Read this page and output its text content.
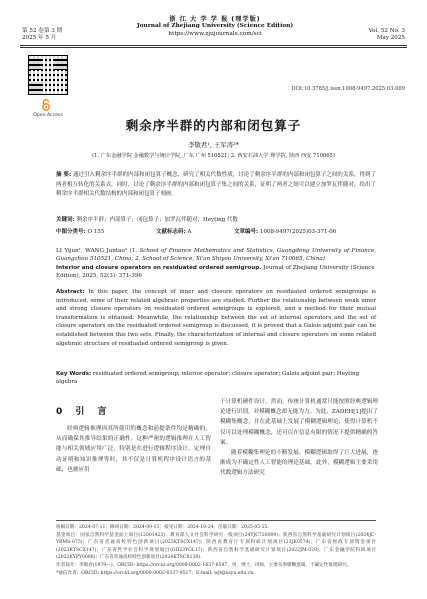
第 52 卷第 3 期
2025 年 5 月
浙 江 大 学 学 报 (理学版)
Journal of Zhejiang University (Science Edition)
https://www.zjujournals.com/sci	Vol. 52 No. 3
May 2025
Open Access
DOI:10.3785/j.issn.1008-9497.2025.03.009
剩余序半群的内部和闭包算子
李敬君¹, 王军涛²*
(1. 广东金融学院 金融数学与统计学院, 广东 广州 510521; 2. 西安石油大学 理学院, 陕西 西安 710065)
摘 要: 通过引入剩余序半群的内部和闭包算子概念，研究了相关代数性质，讨论了剩余序半群的内部和闭包算子之间的关系，得到了两者相互转化的关系式。同时，讨论了剩余序半群的内部和闭包算子集之间的关系，证明了两者之间可以建立加罗瓦伴随对。给出了剩余序半群相关代数结构的内部和闭包算子刻画。
关键词: 剩余序半群；内部算子；闭包算子；加罗瓦伴随对；Heyting 代数
中图分类号: O 155	文献标志码: A	文章编号: 1008-9497(2025)03-371-06
LI Yijun¹, WANG Juntao² (1. School of Finance Mathematics and Statistics, Guangdong University of Finance, Guangzhou 510521, China; 2. School of Science, Xi'an Shiyou University, Xi'an 710065, China)
Interior and closure operators on residuated ordered semigroup. Journal of Zhejiang University (Science Edition), 2025, 52(3): 371-396
Abstract: In this paper, the concept of inner and closure operators on residuated ordered semigroups is introduced, some of their related algebraic properties are studied. Further the relationship between weak inner and strong closure operators on residuated ordered semigroups is explored, and a method for their mutual transformation is obtained. Meanwhile, the relationship between the set of internal operators and the set of closure operators on the residuated ordered semigroup is discussed, it is proved that a Galois adjoint pair can be established between this two sets. Finally, the characterization of internal and closure operators on some related algebraic structure of residuated ordered semigroup is given.
Key Words: residuated ordered semigroup; interior operator; closure operator; Galois adjoint pair; Heyting algebra
0 引 言
经典逻辑推理因其所使用的概念和前提条件均是精确的，从而确保其推导结果的正确性。这种严密的逻辑推理在人工智能与相关领域应用广泛，特别是在进行逻辑程序设计、定理自动证明和知识推理等时，其不仅是计算机程序设计语言的基础，也被应用

于计算机硬件设计。然而，传统计算机通常只能按照经典逻辑理论进行识别，对模糊概念却无能为力。为此，ZADEH[1]提出了模糊集概念，并在此基础上发展了模糊逻辑理论，使得计算机不仅可以处理模糊概念，还可以在信息有限的情况下提供精确的答案。

随着模糊集理论的不断发展，模糊逻辑取得了巨大进展，逐渐成为不确定性人工智能的理论基础。此外，模糊逻辑主要采用代数逻辑方法研究

收稿日期：2024-07-11；修回日期：2024-09-11；接受日期：2024-10-24；出版日期：2025-05-25.
基金项目：国家自然科学基金面上项目(12001423)；教育部人文社会科学研究一般项目(24YJC720009)；陕西省自然科学基础研究计划项目(2024JC-YBMS-075)；广东省普通高校特色创新项目(2023KTSCX147)；陕西省教育厅专项科研计划项目(23JK0574)；广东省财政专项资金项目(2023KTSCX147)；广东省哲学社会科学规划项目(GD23YGL17)；陕西省自然科学基础研究计划项目(2022JM-029)；广东金融学院科研项目(2022KYPY0006)；广东省普通高校特色创新项目(2024KTSCX130).
作者简介：李敬君(1979—)，ORCID: https://orcid.org/0000-0002-1637-8597，男，博士，讲师，主要从事模糊逻辑、不确定性推理研究。
*通信作者：ORCID: https://orcid.org/0000-0002-0337-9517，E-mail: wjt@xsyu.edu.cn.
